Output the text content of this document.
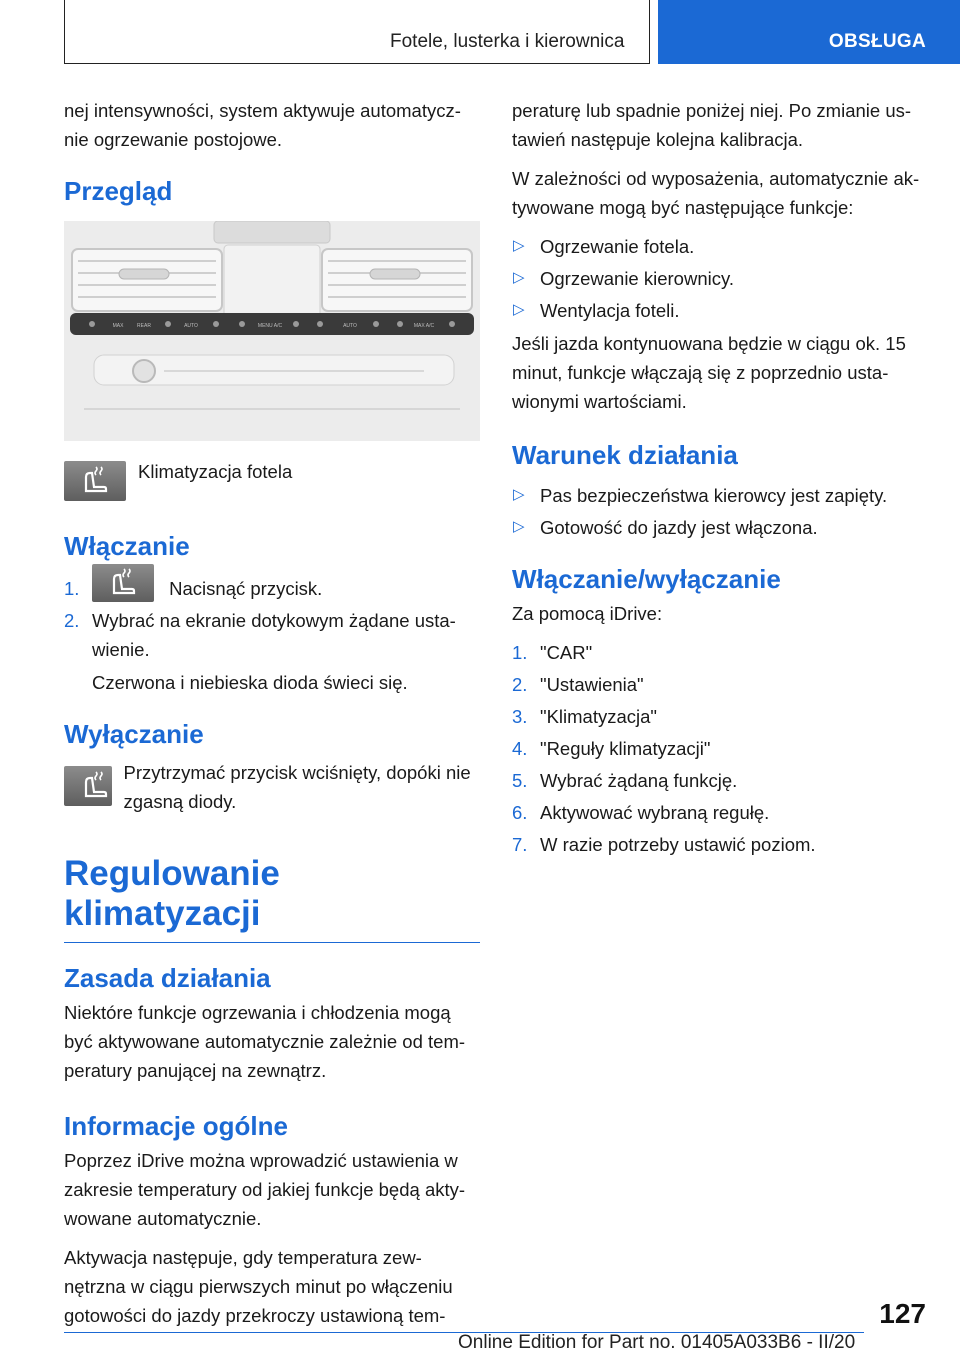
Fotele, lusterka i kierownica	OBSŁUGA

nej intensywności, system aktywuje automatycz-nie ogrzewanie postojowe.

Przegląd
MAX	REAR	AUTO	MENU A/C	AUTO	MAX A/C
Klimatyzacja fotela
Włączanie
1.	Nacisnąć przycisk.
2. Wybrać na ekranie dotykowym żądane usta-wienie.

Czerwona i niebieska dioda świeci się.

Wyłączanie
Przytrzymać przycisk wciśnięty, dopóki nie zgasną diody.
Regulowanie klimatyzacji
Zasada działania

Niektóre funkcje ogrzewania i chłodzenia mogą być aktywowane automatycznie zależnie od tem-peratury panującej na zewnątrz.

Informacje ogólne

Poprzez iDrive można wprowadzić ustawienia w zakresie temperatury od jakiej funkcje będą akty-wowane automatycznie.

Aktywacja następuje, gdy temperatura zew-nętrzna w ciągu pierwszych minut po włączeniu gotowości do jazdy przekroczy ustawioną tem-

peraturę lub spadnie poniżej niej. Po zmianie us-tawień następuje kolejna kalibracja.

W zależności od wyposażenia, automatycznie ak-tywowane mogą być następujące funkcje:

▷ Ogrzewanie fotela.
▷ Ogrzewanie kierownicy.
▷ Wentylacja foteli.

Jeśli jazda kontynuowana będzie w ciągu ok. 15 minut, funkcje włączają się z poprzednio usta-wionymi wartościami.

Warunek działania
▷ Pas bezpieczeństwa kierowcy jest zapięty.
▷ Gotowość do jazdy jest włączona.
Włączanie/wyłączanie

Za pomocą iDrive:

1. "CAR"
2. "Ustawienia"
3. "Klimatyzacja"
4. "Reguły klimatyzacji"
5. Wybrać żądaną funkcję.
6. Aktywować wybraną regułę.
7. W razie potrzeby ustawić poziom.
127
Online Edition for Part no. 01405A033B6 - II/20
